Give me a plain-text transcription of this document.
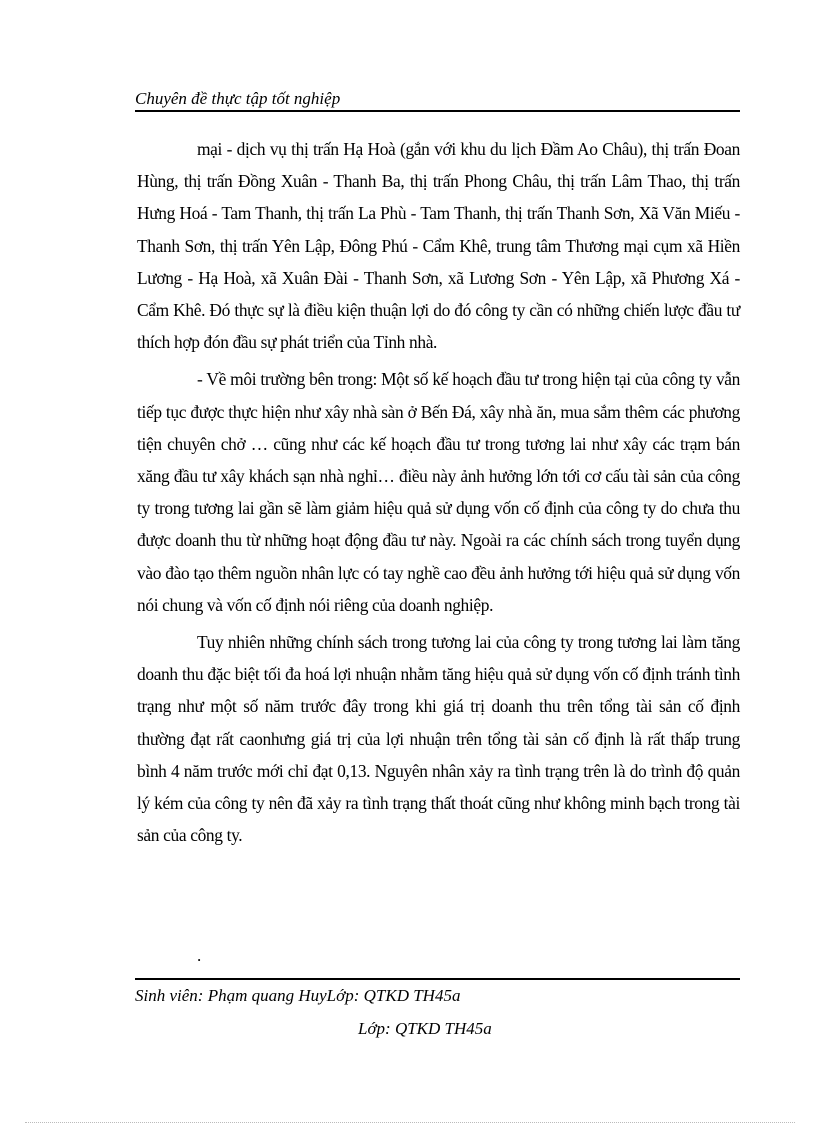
Chuyên đề thực tập tốt nghiệp

mại - dịch vụ thị trấn Hạ Hoà (gắn với khu du lịch Đầm Ao Châu), thị trấn Đoan Hùng, thị trấn Đồng Xuân - Thanh Ba, thị trấn Phong Châu, thị trấn Lâm Thao, thị trấn Hưng Hoá - Tam Thanh, thị trấn La Phù - Tam Thanh, thị trấn Thanh Sơn, Xã Văn Miếu - Thanh Sơn, thị trấn Yên Lập, Đông Phú - Cẩm Khê, trung tâm Thương mại cụm xã Hiền Lương - Hạ Hoà, xã Xuân Đài - Thanh Sơn, xã Lương Sơn - Yên Lập, xã Phương Xá - Cẩm Khê. Đó thực sự là điều kiện thuận lợi do đó công ty cần có những chiến lược đầu tư thích hợp đón đầu sự phát triển của Tỉnh nhà.

- Về môi trường bên trong: Một số kế hoạch đầu tư trong hiện tại của công ty vẫn tiếp tục được thực hiện như xây nhà sàn ở Bến Đá, xây nhà ăn, mua sắm thêm các phương tiện chuyên chở … cũng như các kế hoạch đầu tư trong tương lai như xây các trạm bán xăng đầu tư xây khách sạn nhà nghỉ… điều này ảnh hưởng lớn tới cơ cấu tài sản của công ty trong tương lai gần sẽ làm giảm hiệu quả sử dụng vốn cố định của công ty do chưa thu được doanh thu từ những hoạt động đầu tư này. Ngoài ra các chính sách trong tuyển dụng vào đào tạo thêm nguồn nhân lực có tay nghề cao đều ảnh hưởng tới hiệu quả sử dụng vốn nói chung và vốn cố định nói riêng của doanh nghiệp.

Tuy nhiên những chính sách trong tương lai của công ty trong tương lai làm tăng doanh thu đặc biệt tối đa hoá lợi nhuận nhằm tăng hiệu quả sử dụng vốn cố định tránh tình trạng như một số năm trước đây trong khi giá trị doanh thu trên tổng tài sản cố định thường đạt rất caonhưng giá trị của lợi nhuận trên tổng tài sản cố định là rất thấp trung bình 4 năm trước mới chỉ đạt 0,13. Nguyên nhân xảy ra tình trạng trên là do trình độ quản lý kém của công ty nên đã xảy ra tình trạng thất thoát cũng như không minh bạch trong tài sản của công ty.

.
Sinh viên: Phạm quang HuyLớp: QTKD TH45a
Lớp: QTKD TH45a
